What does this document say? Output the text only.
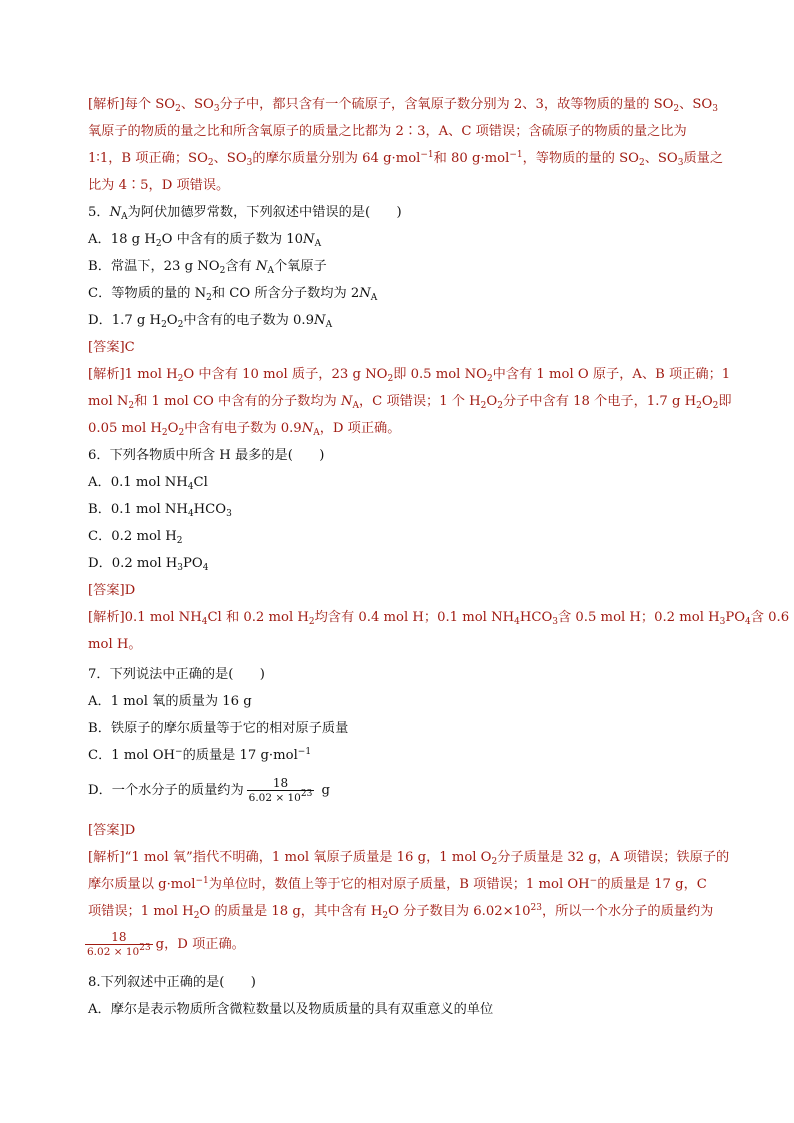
[解析]每个 $SO_2$、$SO_3$分子中，都只含有一个硫原子，含氧原子数分别为 2、3，故等物质的量的 $SO_2$、$SO_3$
氧原子的物质的量之比和所含氧原子的质量之比都为 2∶3，A、C 项错误；含硫原子的物质的量之比为
1∶1，B 项正确；$SO_2$、$SO_3$的摩尔质量分别为 64 g·mol$^{-1}$和 80 g·mol$^{-1}$，等物质的量的 $SO_2$、$SO_3$质量之
比为 4∶5，D 项错误。
5．$N_A$为阿伏加德罗常数，下列叙述中错误的是(　　)
A．18 g $H_2O$ 中含有的质子数为 $10N_A$
B．常温下，23 g $NO_2$含有 $N_A$个氧原子
C．等物质的量的 $N_2$和 CO 所含分子数均为 $2N_A$
D．1.7 g $H_2O_2$中含有的电子数为 $0.9N_A$
[答案]C
[解析]1 mol $H_2O$ 中含有 10 mol 质子，23 g $NO_2$即 0.5 mol $NO_2$中含有 1 mol O 原子，A、B 项正确；1
mol $N_2$和 1 mol CO 中含有的分子数均为 $N_A$，C 项错误；1 个 $H_2O_2$分子中含有 18 个电子，1.7 g $H_2O_2$即
0.05 mol $H_2O_2$中含有电子数为 $0.9N_A$，D 项正确。
6．下列各物质中所含 H 最多的是(　　)
A．0.1 mol $NH_4Cl$
B．0.1 mol $NH_4HCO_3$
C．0.2 mol $H_2$
D．0.2 mol $H_3PO_4$
[答案]D
[解析]0.1 mol $NH_4Cl$ 和 0.2 mol $H_2$均含有 0.4 mol H；0.1 mol $NH_4HCO_3$含 0.5 mol H；0.2 mol $H_3PO_4$含 0.6
mol H。
7．下列说法中正确的是(　　)
A．1 mol 氧的质量为 16 g
B．铁原子的摩尔质量等于它的相对原子质量
C．1 mol OH−的质量是 17 g·mol$^{-1}$
D．一个水分子的质量约为 $\frac{18}{6.02 \times 10^{23}}$ g
[答案]D
[解析]“1 mol 氧”指代不明确，1 mol 氧原子质量是 16 g，1 mol $O_2$分子质量是 32 g，A 项错误；铁原子的
摩尔质量以 g·mol$^{-1}$为单位时，数值上等于它的相对原子质量，B 项错误；1 mol OH−的质量是 17 g，C
项错误；1 mol $H_2O$ 的质量是 18 g，其中含有 $H_2O$ 分子数目为 $6.02\times 10^{23}$，所以一个水分子的质量约为
$\frac{18}{6.02 \times 10^{23}}$ g，D 项正确。
8.下列叙述中正确的是(　　)
A．摩尔是表示物质所含微粒数量以及物质质量的具有双重意义的单位
